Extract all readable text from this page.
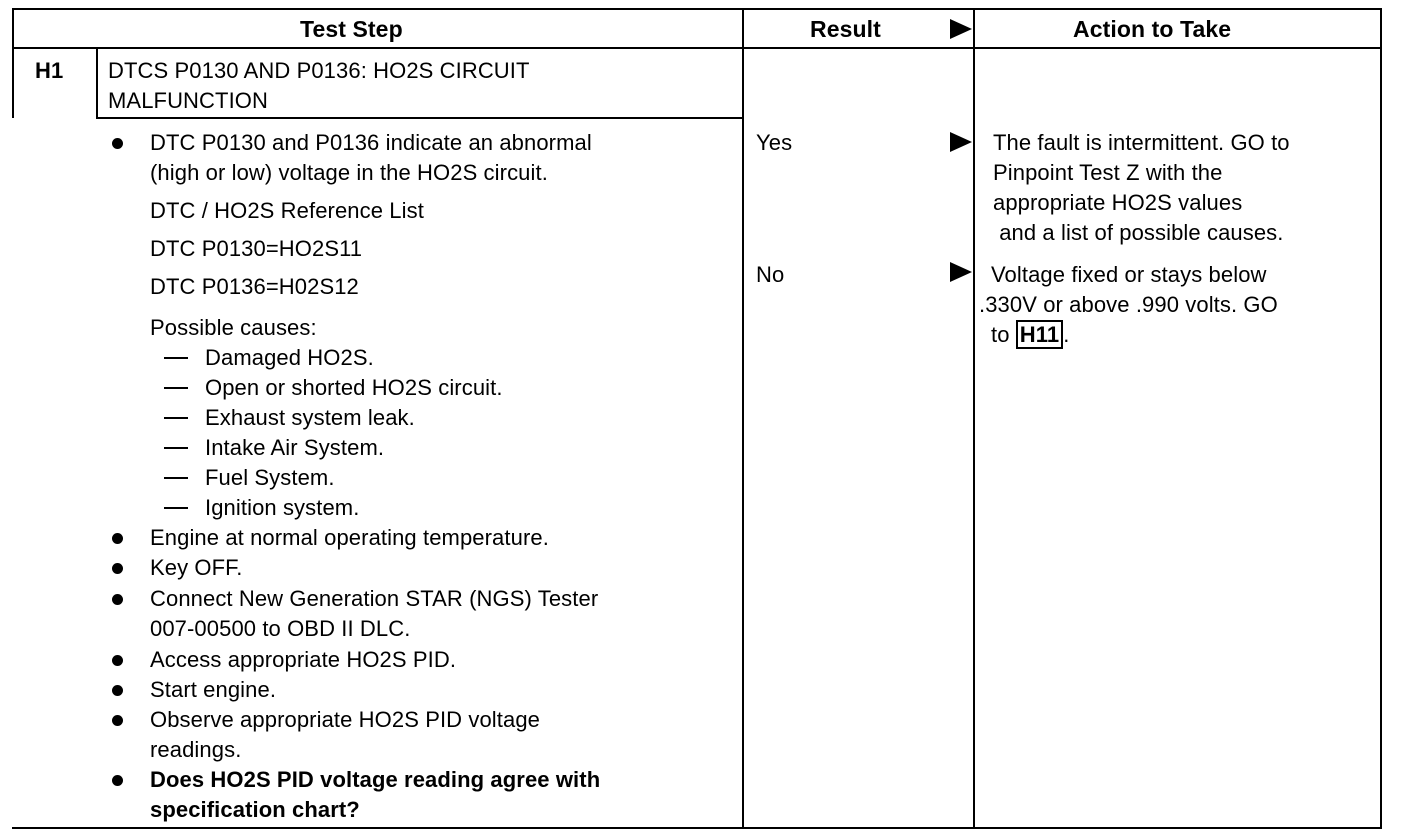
Test Step	Result	Action to Take
H1 DTCS P0130 AND P0136: HO2S CIRCUIT
MALFUNCTION
DTC P0130 and P0136 indicate an abnormal
(high or low) voltage in the HO2S circuit.
DTC / HO2S Reference List
DTC P0130=HO2S11
DTC P0136=H02S12
Possible causes:
Damaged HO2S.
Open or shorted HO2S circuit.
Exhaust system leak.
Intake Air System.
Fuel System.
Ignition system.
Engine at normal operating temperature.
Key OFF.
Connect New Generation STAR (NGS) Tester
007-00500 to OBD II DLC.
Access appropriate HO2S PID.
Start engine.
Observe appropriate HO2S PID voltage
readings.
Does HO2S PID voltage reading agree with
specification chart?
Yes
No
The fault is intermittent. GO to
Pinpoint Test Z with the
appropriate HO2S values
and a list of possible causes.
Voltage fixed or stays below
.330V or above .990 volts. GO
to H11 .
